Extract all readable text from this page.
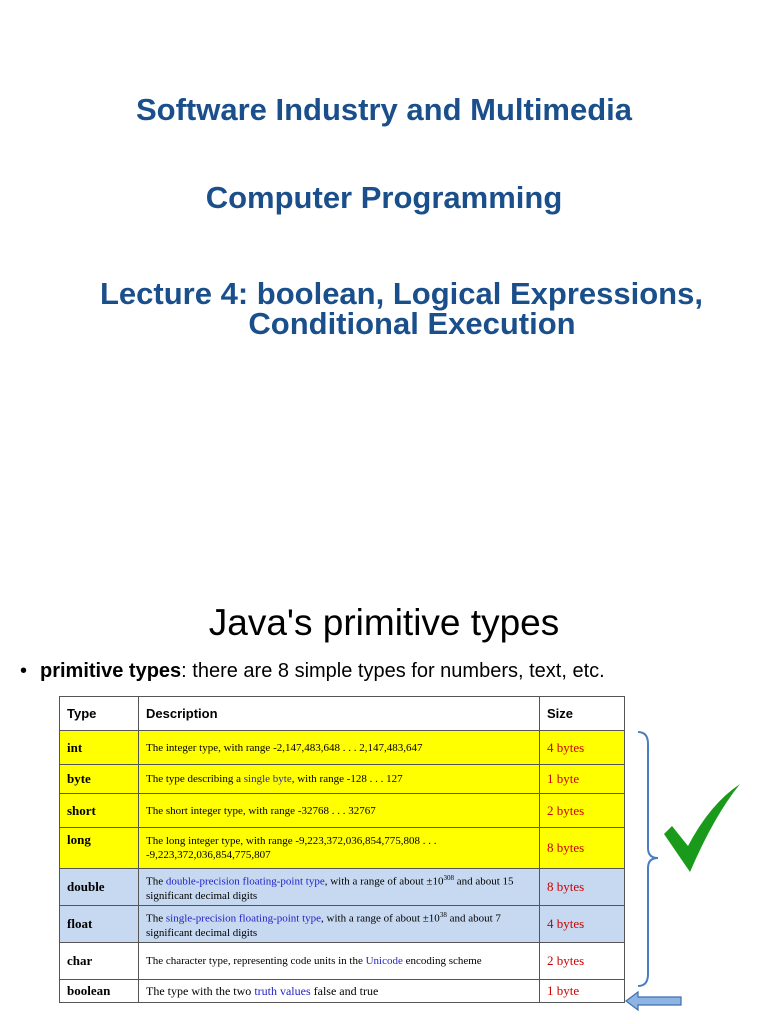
Software Industry and Multimedia
Computer Programming
Lecture 4: boolean, Logical Expressions,
Conditional Execution
Java's primitive types
• primitive types: there are 8 simple types for numbers, text, etc.
Type	Description	Size
int	The integer type, with range -2,147,483,648 . . . 2,147,483,647	4 bytes
byte	The type describing a single byte, with range -128 . . . 127	1 byte
short	The short integer type, with range -32768 . . . 32767	2 bytes
long	The long integer type, with range -9,223,372,036,854,775,808 . . . -9,223,372,036,854,775,807	8 bytes
double	The double-precision floating-point type, with a range of about $\pm 10^{308}$ and about 15 significant decimal digits	8 bytes
float	The single-precision floating-point type, with a range of about $\pm 10^{38}$ and about 7 significant decimal digits	4 bytes
char	The character type, representing code units in the Unicode encoding scheme	2 bytes
boolean	The type with the two truth values false and true	1 byte
